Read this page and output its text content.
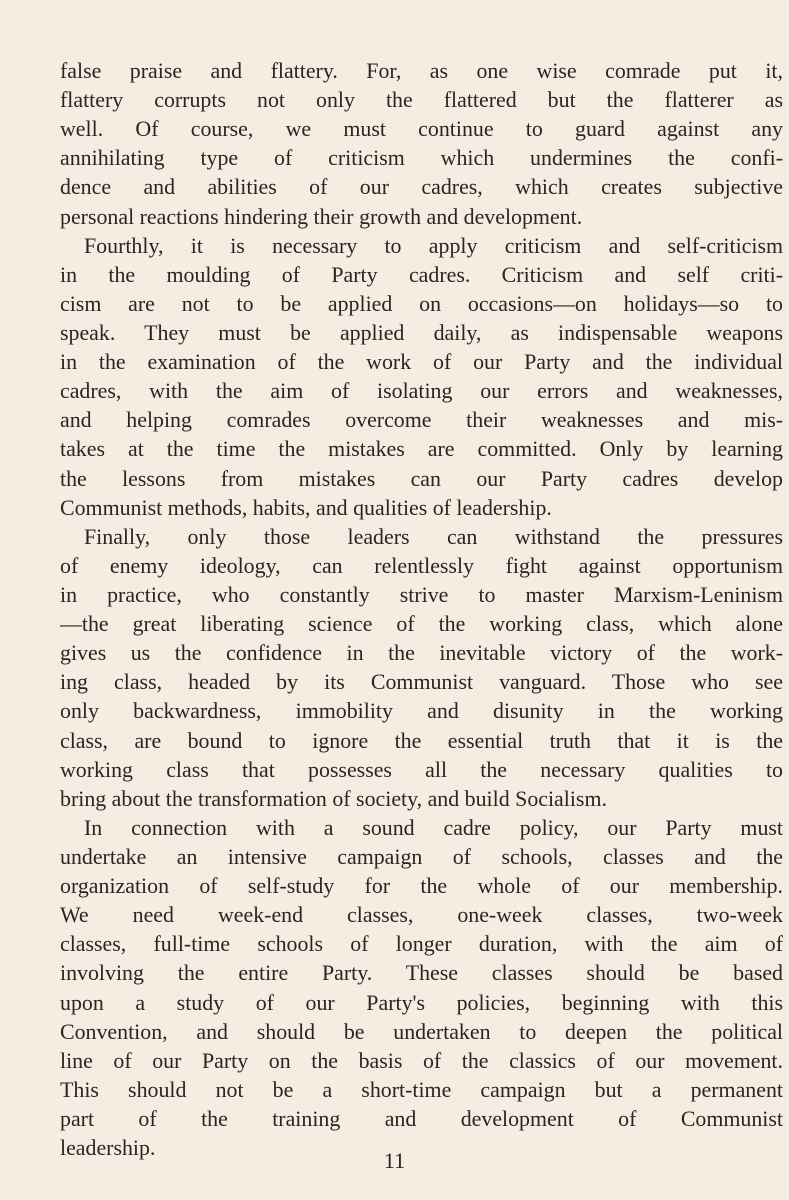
false praise and flattery. For, as one wise comrade put it,
flattery corrupts not only the flattered but the flatterer as
well. Of course, we must continue to guard against any
annihilating type of criticism which undermines the confi-
dence and abilities of our cadres, which creates subjective
personal reactions hindering their growth and development.
Fourthly, it is necessary to apply criticism and self-criticism
in the moulding of Party cadres. Criticism and self criti-
cism are not to be applied on occasions—on holidays—so to
speak. They must be applied daily, as indispensable weapons
in the examination of the work of our Party and the individual
cadres, with the aim of isolating our errors and weaknesses,
and helping comrades overcome their weaknesses and mis-
takes at the time the mistakes are committed. Only by learning
the lessons from mistakes can our Party cadres develop
Communist methods, habits, and qualities of leadership.
Finally, only those leaders can withstand the pressures
of enemy ideology, can relentlessly fight against opportunism
in practice, who constantly strive to master Marxism-Leninism
—the great liberating science of the working class, which alone
gives us the confidence in the inevitable victory of the work-
ing class, headed by its Communist vanguard. Those who see
only backwardness, immobility and disunity in the working
class, are bound to ignore the essential truth that it is the
working class that possesses all the necessary qualities to
bring about the transformation of society, and build Socialism.
In connection with a sound cadre policy, our Party must
undertake an intensive campaign of schools, classes and the
organization of self-study for the whole of our membership.
We need week-end classes, one-week classes, two-week
classes, full-time schools of longer duration, with the aim of
involving the entire Party. These classes should be based
upon a study of our Party's policies, beginning with this
Convention, and should be undertaken to deepen the political
line of our Party on the basis of the classics of our movement.
This should not be a short-time campaign but a permanent
part of the training and development of Communist
leadership.
11
